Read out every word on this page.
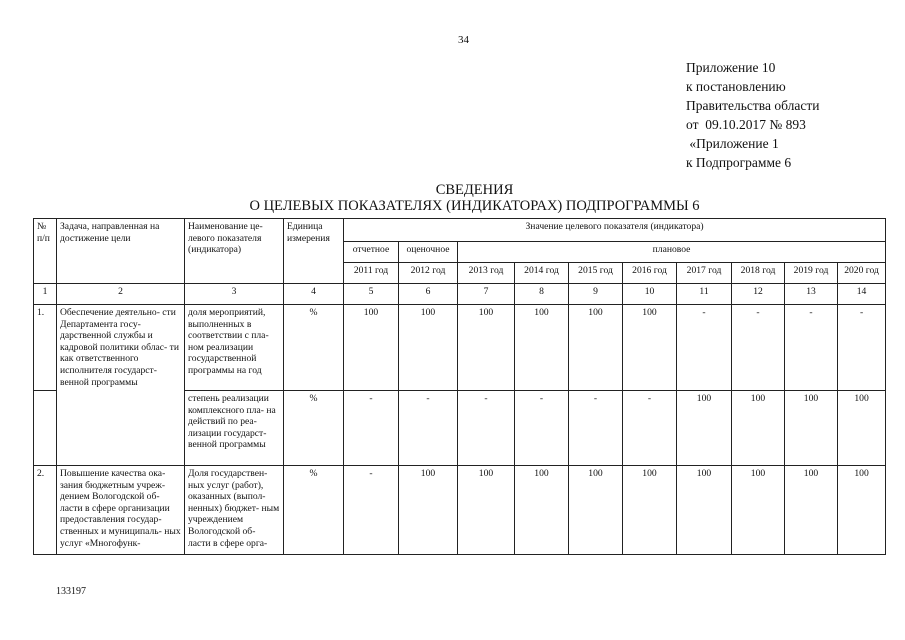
34
Приложение 10
к постановлению
Правительства области
от  09.10.2017 № 893
«Приложение 1
к Подпрограмме 6
СВЕДЕНИЯ
О ЦЕЛЕВЫХ ПОКАЗАТЕЛЯХ (ИНДИКАТОРАХ) ПОДПРОГРАММЫ 6
№ п/п	Задача, направленная на достижение цели	Наименование це- левого показателя (индикатора)	Единица измерения	Значение целевого показателя (индикатора)									
				отчетное	оценочное	плановое							
				2011 год	2012 год	2013 год	2014 год	2015 год	2016 год	2017 год	2018 год	2019 год	2020 год
1	2	3	4	5	6	7	8	9	10	11	12	13	14
1.	Обеспечение деятельно- сти Департамента госу- дарственной службы и кадровой политики облас- ти как ответственного исполнителя государст- венной программы	доля мероприятий, выполненных в соответствии с пла- ном реализации государственной программы на год	%	100	100	100	100	100	100	-	-	-	-
		степень реализации комплексного пла- на действий по реа- лизации государст- венной программы	%	-	-	-	-	-	-	100	100	100	100
2.	Повышение качества ока- зания бюджетным учреж- дением Вологодской об- ласти в сфере организации предоставления государ- ственных и муниципаль- ных услуг «Многофунк-	Доля государствен- ных услуг (работ), оказанных (выпол- ненных) бюджет- ным учреждением Вологодской об- ласти в сфере орга-	%	-	100	100	100	100	100	100	100	100	100
133197
